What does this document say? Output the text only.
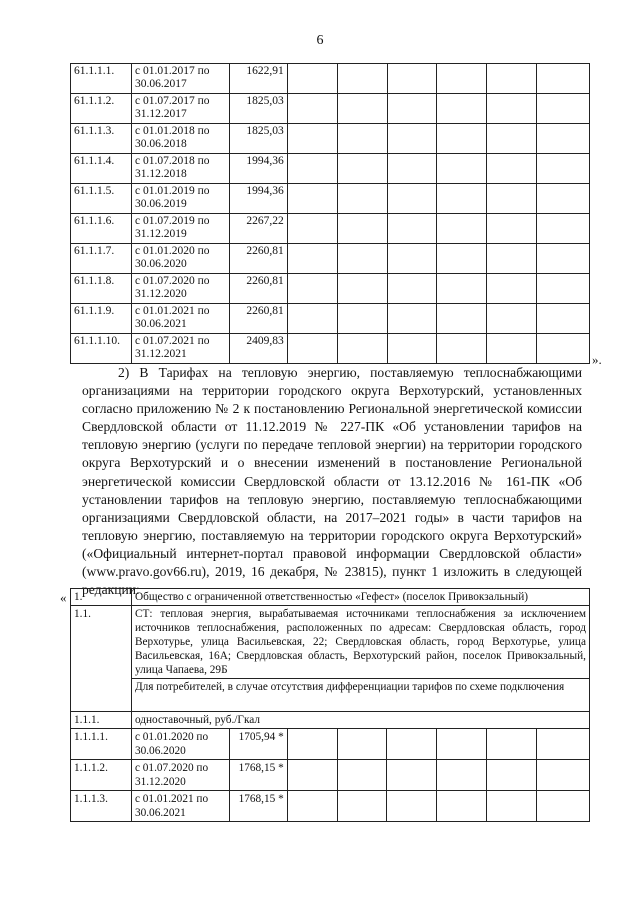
6
61.1.1.1.	с 01.01.2017 по 30.06.2017	1622,91						
61.1.1.2.	с 01.07.2017 по 31.12.2017	1825,03						
61.1.1.3.	с 01.01.2018 по 30.06.2018	1825,03						
61.1.1.4.	с 01.07.2018 по 31.12.2018	1994,36						
61.1.1.5.	с 01.01.2019 по 30.06.2019	1994,36						
61.1.1.6.	с 01.07.2019 по 31.12.2019	2267,22						
61.1.1.7.	с 01.01.2020 по 30.06.2020	2260,81						
61.1.1.8.	с 01.07.2020 по 31.12.2020	2260,81						
61.1.1.9.	с 01.01.2021 по 30.06.2021	2260,81						
61.1.1.10.	с 01.07.2021 по 31.12.2021	2409,83						
».

2) В Тарифах на тепловую энергию, поставляемую теплоснабжающими организациями на территории городского округа Верхотурский, установленных согласно приложению № 2 к постановлению Региональной энергетической комиссии Свердловской области от 11.12.2019 № 227-ПК «Об установлении тарифов на тепловую энергию (услуги по передаче тепловой энергии) на территории городского округа Верхотурский и о внесении изменений в постановление Региональной энергетической комиссии Свердловской области от 13.12.2016 № 161-ПК «Об установлении тарифов на тепловую энергию, поставляемую теплоснабжающими организациями Свердловской области, на 2017–2021 годы» в части тарифов на тепловую энергию, поставляемую на территории городского округа Верхотурский» («Официальный интернет-портал правовой информации Свердловской области» (www.pravo.gov66.ru), 2019, 16 декабря, № 23815), пункт 1 изложить в следующей редакции:

« 1.	Общество с ограниченной ответственностью «Гефест» (поселок Привокзальный)							
1.1.	СТ: тепловая энергия, вырабатываемая источниками теплоснабжения за исключением источников теплоснабжения, расположенных по адресам: Свердловская область, город Верхотурье, улица Васильевская, 22; Свердловская область, город Верхотурье, улица Васильевская, 16А; Свердловская область, Верхотурский район, поселок Привокзальный, улица Чапаева, 29Б							
	Для потребителей, в случае отсутствия дифференциации тарифов по схеме подключения							
1.1.1.	одноставочный, руб./Гкал							
1.1.1.1.	с 01.01.2020 по 30.06.2020	1705,94 *						
1.1.1.2.	с 01.07.2020 по 31.12.2020	1768,15 *						
1.1.1.3.	с 01.01.2021 по 30.06.2021	1768,15 *						
